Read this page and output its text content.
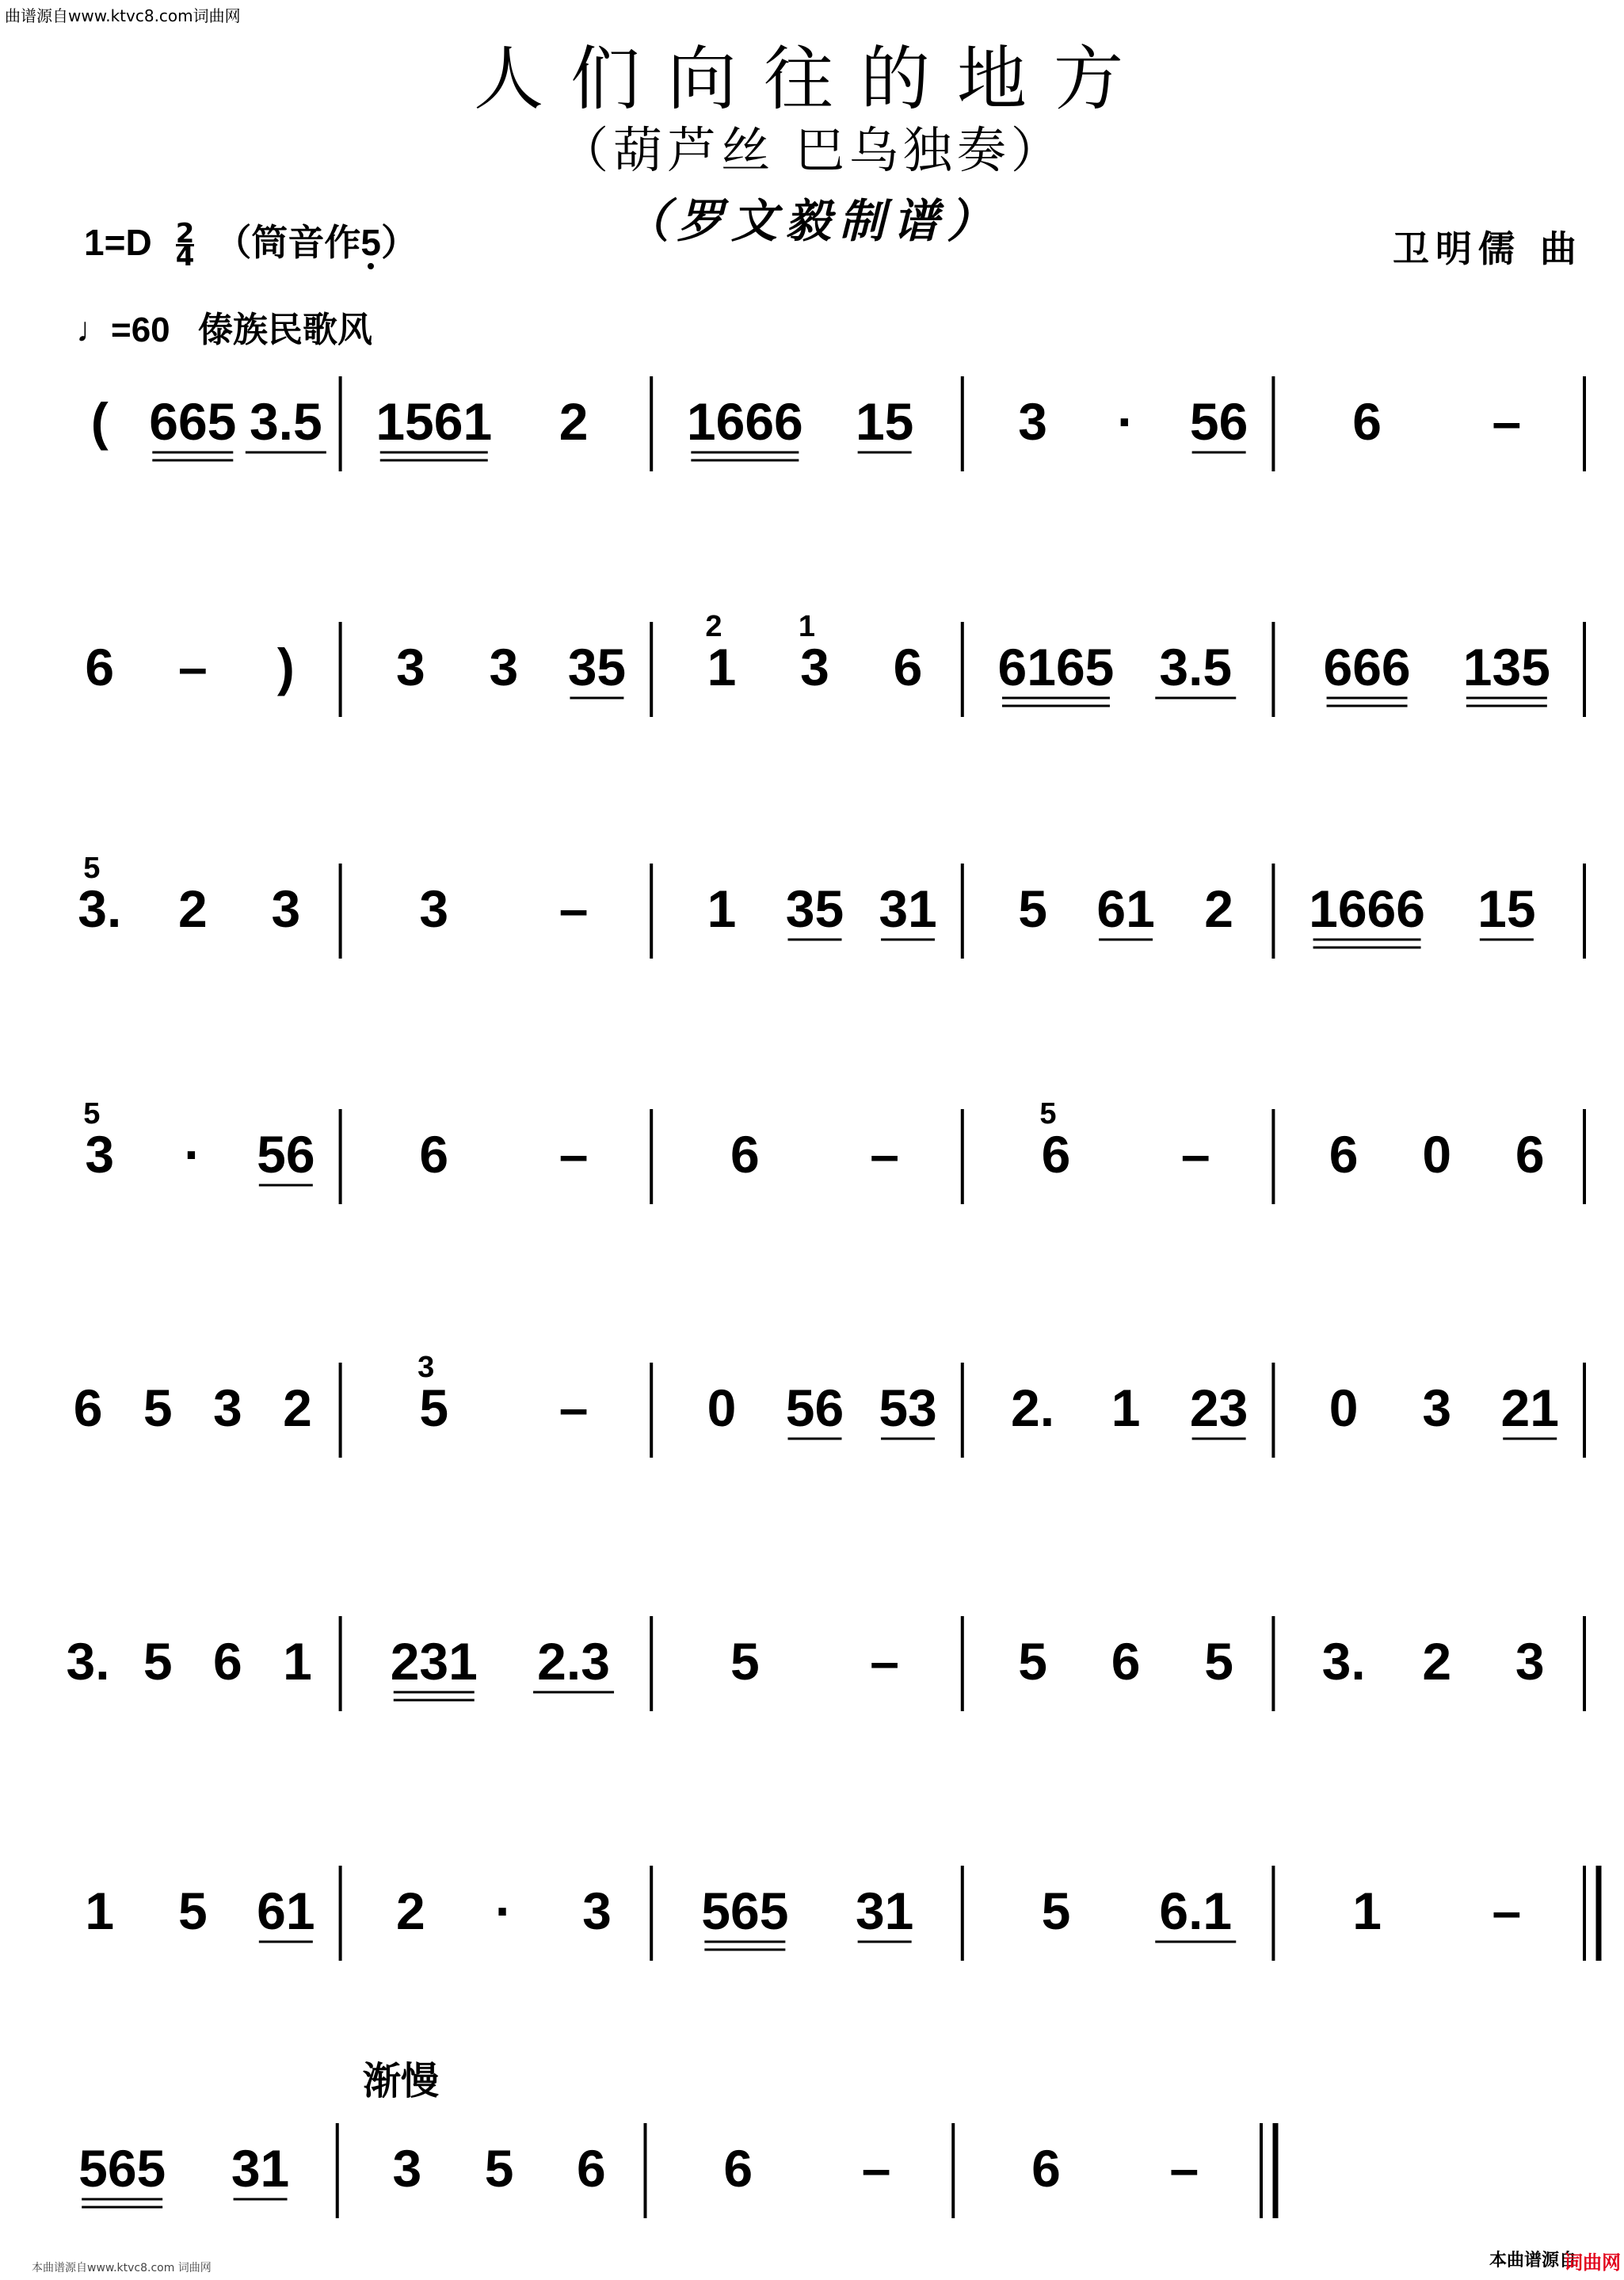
曲谱源自www.ktvc8.com词曲网
人们向往的地方
（葫芦丝 巴乌独奏）
（罗文毅制谱）
$1=D \frac{2}{4}$ （筒音作5
）	卫明儒 曲
♩=60 傣族民歌风
( 665 3.5 1561 2 1666 15 3 · 56 6 –
6 – ) 3 3 35 1 3 6
2	1
6165 3.5 666 135
3. 2 3
5
3 – 1 35 31 5 61 2 1666 15
3 · 56
5
6 –	6 –	6 –
5
6 0 6
6 5 3 2 5 –
3
0 56 53 2. 1 23 0 3 21
3. 5 6 1 231 2.3 5 – 5 6 5 3. 2 3
1 5 61 2 · 3 565 31 5 6.1 1 –
565 31 3 5 6 6 –	6 –
渐慢
本曲谱源自
词曲网
本曲谱源自www.ktvc8.com 词曲网
